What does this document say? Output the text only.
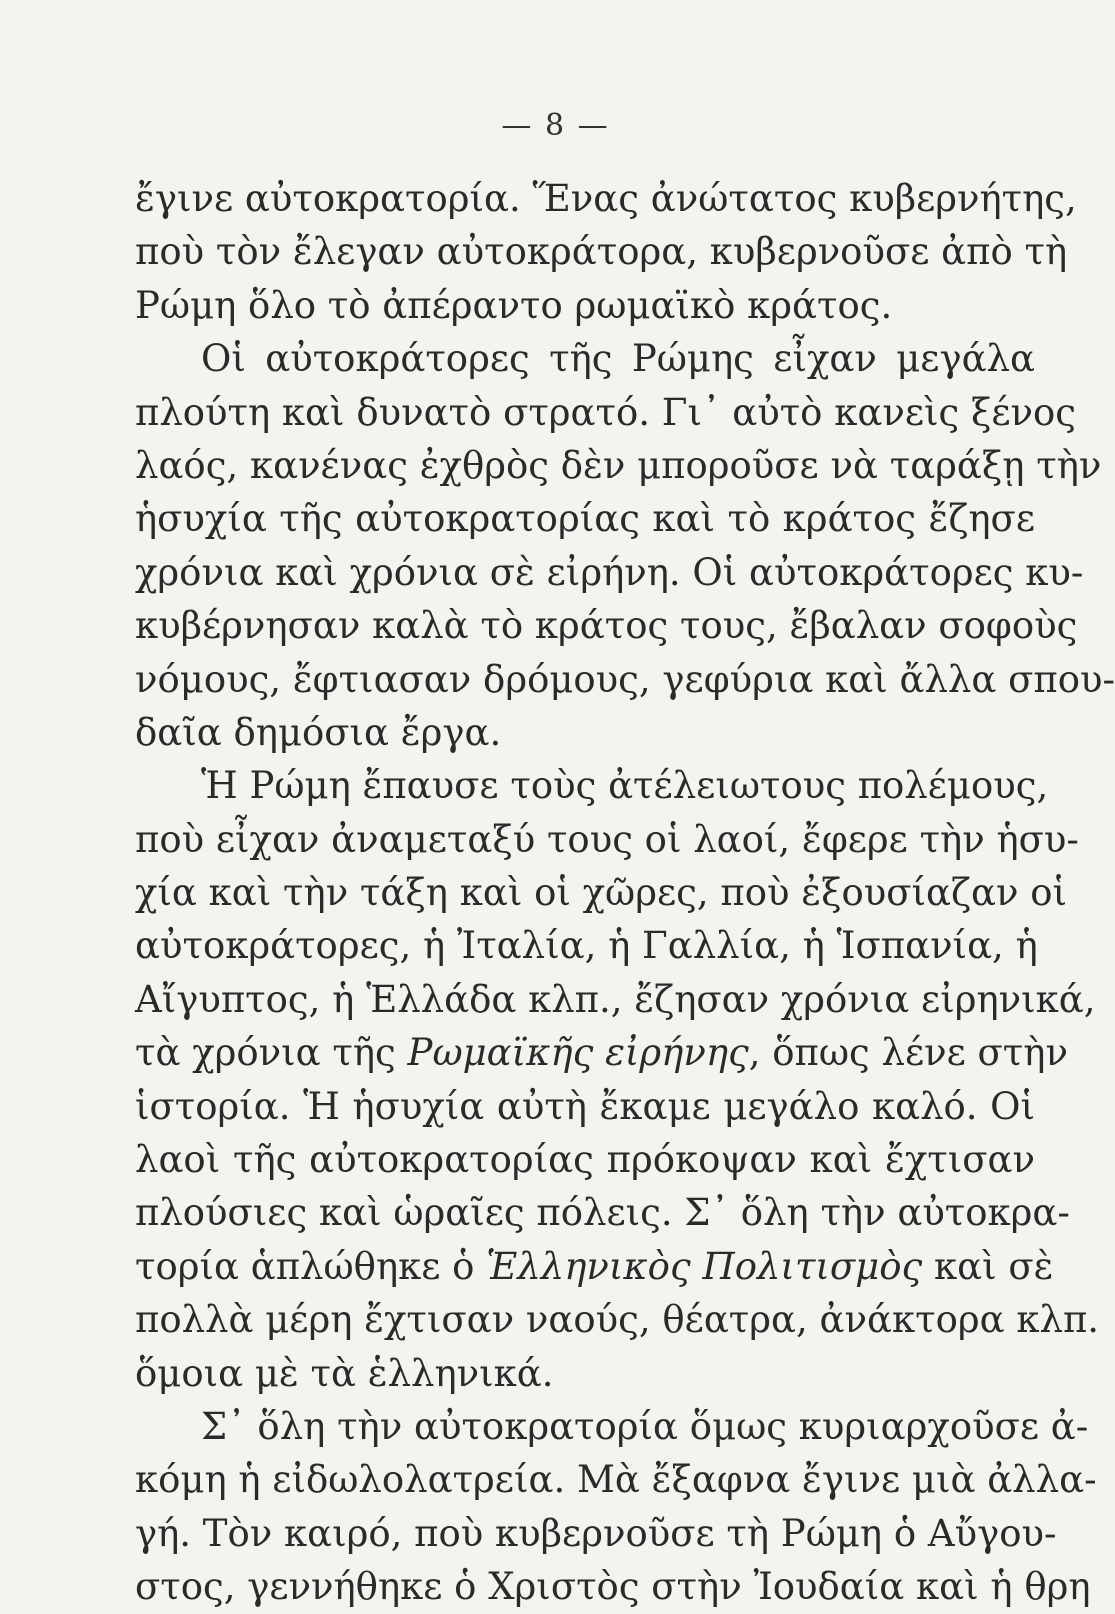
— 8 —
ἔγινε αὐτοκρατορία. Ἕνας ἀνώτατος κυβερνήτης,
ποὺ τὸν ἔλεγαν αὐτοκράτορα, κυβερνοῦσε ἀπὸ τὴ
Ρώμη ὅλο τὸ ἀπέραντο ρωμαϊκὸ κράτος.
Οἱ αὐτοκράτορες τῆς Ρώμης εἶχαν μεγάλα
πλούτη καὶ δυνατὸ στρατό. Γι᾽ αὐτὸ κανεὶς ξένος
λαός, κανένας ἐχθρὸς δὲν μποροῦσε νὰ ταράξῃ τὴν
ἡσυχία τῆς αὐτοκρατορίας καὶ τὸ κράτος ἔζησε
χρόνια καὶ χρόνια σὲ εἰρήνη. Οἱ αὐτοκράτορες κυ-
κυβέρνησαν καλὰ τὸ κράτος τους, ἔβαλαν σοφοὺς
νόμους, ἔφτιασαν δρόμους, γεφύρια καὶ ἄλλα σπου-
δαῖα δημόσια ἔργα.
Ἡ Ρώμη ἔπαυσε τοὺς ἀτέλειωτους πολέμους,
ποὺ εἶχαν ἀναμεταξύ τους οἱ λαοί, ἔφερε τὴν ἡσυ-
χία καὶ τὴν τάξη καὶ οἱ χῶρες, ποὺ ἐξουσίαζαν οἱ
αὐτοκράτορες, ἡ Ἰταλία, ἡ Γαλλία, ἡ Ἱσπανία, ἡ
Αἴγυπτος, ἡ Ἑλλάδα κλπ., ἔζησαν χρόνια εἰρηνικά,
τὰ χρόνια τῆς Ρωμαϊκῆς εἰρήνης, ὅπως λένε στὴν
ἱστορία. Ἡ ἡσυχία αὐτὴ ἔκαμε μεγάλο καλό. Οἱ
λαοὶ τῆς αὐτοκρατορίας πρόκοψαν καὶ ἔχτισαν
πλούσιες καὶ ὡραῖες πόλεις. Σ᾽ ὅλη τὴν αὐτοκρα-
τορία ἁπλώθηκε ὁ Ἑλληνικὸς Πολιτισμὸς καὶ σὲ
πολλὰ μέρη ἔχτισαν ναούς, θέατρα, ἀνάκτορα κλπ.
ὅμοια μὲ τὰ ἑλληνικά.
Σ᾽ ὅλη τὴν αὐτοκρατορία ὅμως κυριαρχοῦσε ἀ-
κόμη ἡ εἰδωλολατρεία. Μὰ ἔξαφνα ἔγινε μιὰ ἀλλα-
γή. Τὸν καιρό, ποὺ κυβερνοῦσε τὴ Ρώμη ὁ Αὔγου-
στος, γεννήθηκε ὁ Χριστὸς στὴν Ἰουδαία καὶ ἡ θρη
